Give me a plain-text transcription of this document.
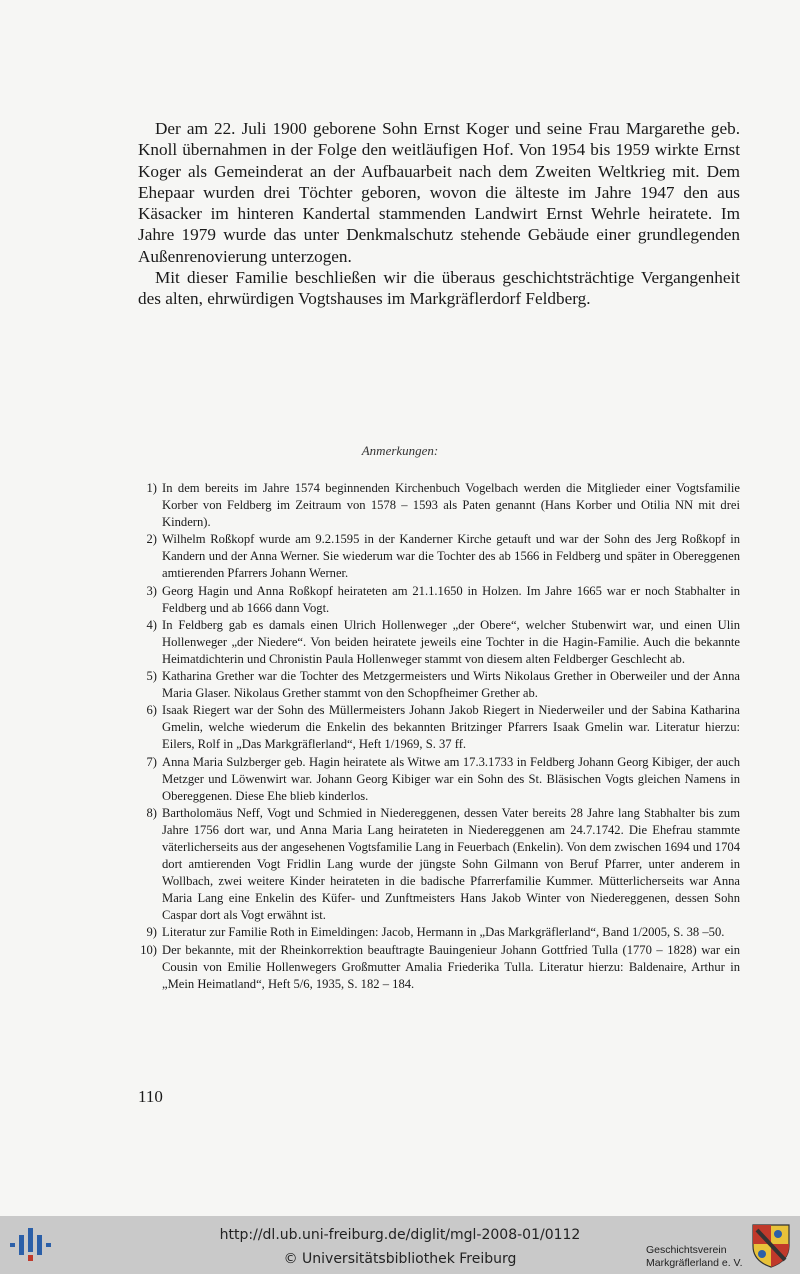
Der am 22. Juli 1900 geborene Sohn Ernst Koger und seine Frau Margarethe geb. Knoll übernahmen in der Folge den weitläufigen Hof. Von 1954 bis 1959 wirkte Ernst Koger als Gemeinderat an der Aufbauarbeit nach dem Zweiten Weltkrieg mit. Dem Ehepaar wurden drei Töchter geboren, wovon die älteste im Jahre 1947 den aus Käsacker im hinteren Kandertal stammenden Landwirt Ernst Wehrle heiratete. Im Jahre 1979 wurde das unter Denkmalschutz stehende Gebäude einer grundlegenden Außenrenovierung unterzogen.

Mit dieser Familie beschließen wir die überaus geschichtsträchtige Vergangenheit des alten, ehrwürdigen Vogtshauses im Markgräflerdorf Feldberg.

Anmerkungen:
1) In dem bereits im Jahre 1574 beginnenden Kirchenbuch Vogelbach werden die Mitglieder einer Vogtsfamilie Korber von Feldberg im Zeitraum von 1578 – 1593 als Paten genannt (Hans Korber und Otilia NN mit drei Kindern).
2) Wilhelm Roßkopf wurde am 9.2.1595 in der Kanderner Kirche getauft und war der Sohn des Jerg Roßkopf in Kandern und der Anna Werner. Sie wiederum war die Tochter des ab 1566 in Feldberg und später in Obereggenen amtierenden Pfarrers Johann Werner.
3) Georg Hagin und Anna Roßkopf heirateten am 21.1.1650 in Holzen. Im Jahre 1665 war er noch Stabhalter in Feldberg und ab 1666 dann Vogt.
4) In Feldberg gab es damals einen Ulrich Hollenweger „der Obere“, welcher Stubenwirt war, und einen Ulin Hollenweger „der Niedere“. Von beiden heiratete jeweils eine Tochter in die Hagin-Familie. Auch die bekannte Heimatdichterin und Chronistin Paula Hollenweger stammt von diesem alten Feldberger Geschlecht ab.
5) Katharina Grether war die Tochter des Metzgermeisters und Wirts Nikolaus Grether in Oberweiler und der Anna Maria Glaser. Nikolaus Grether stammt von den Schopfheimer Grether ab.
6) Isaak Riegert war der Sohn des Müllermeisters Johann Jakob Riegert in Niederweiler und der Sabina Katharina Gmelin, welche wiederum die Enkelin des bekannten Britzinger Pfarrers Isaak Gmelin war. Literatur hierzu: Eilers, Rolf in „Das Markgräflerland“, Heft 1/1969, S. 37 ff.
7) Anna Maria Sulzberger geb. Hagin heiratete als Witwe am 17.3.1733 in Feldberg Johann Georg Kibiger, der auch Metzger und Löwenwirt war. Johann Georg Kibiger war ein Sohn des St. Bläsischen Vogts gleichen Namens in Obereggenen. Diese Ehe blieb kinderlos.
8) Bartholomäus Neff, Vogt und Schmied in Niedereggenen, dessen Vater bereits 28 Jahre lang Stabhalter bis zum Jahre 1756 dort war, und Anna Maria Lang heirateten in Niedereggenen am 24.7.1742. Die Ehefrau stammte väterlicherseits aus der angesehenen Vogtsfamilie Lang in Feuerbach (Enkelin). Von dem zwischen 1694 und 1704 dort amtierenden Vogt Fridlin Lang wurde der jüngste Sohn Gilmann von Beruf Pfarrer, unter anderem in Wollbach, zwei weitere Kinder heirateten in die badische Pfarrerfamilie Kummer. Mütterlicherseits war Anna Maria Lang eine Enkelin des Küfer- und Zunftmeisters Hans Jakob Winter von Niedereggenen, dessen Sohn Caspar dort als Vogt erwähnt ist.
9) Literatur zur Familie Roth in Eimeldingen: Jacob, Hermann in „Das Markgräflerland“, Band 1/2005, S. 38 –50.
10) Der bekannte, mit der Rheinkorrektion beauftragte Bauingenieur Johann Gottfried Tulla (1770 – 1828) war ein Cousin von Emilie Hollenwegers Großmutter Amalia Friederika Tulla. Literatur hierzu: Baldenaire, Arthur in „Mein Heimatland“, Heft 5/6, 1935, S. 182 – 184.
110
http://dl.ub.uni-freiburg.de/diglit/mgl-2008-01/0112
© Universitätsbibliothek Freiburg
Geschichtsverein
Markgräflerland e. V.
